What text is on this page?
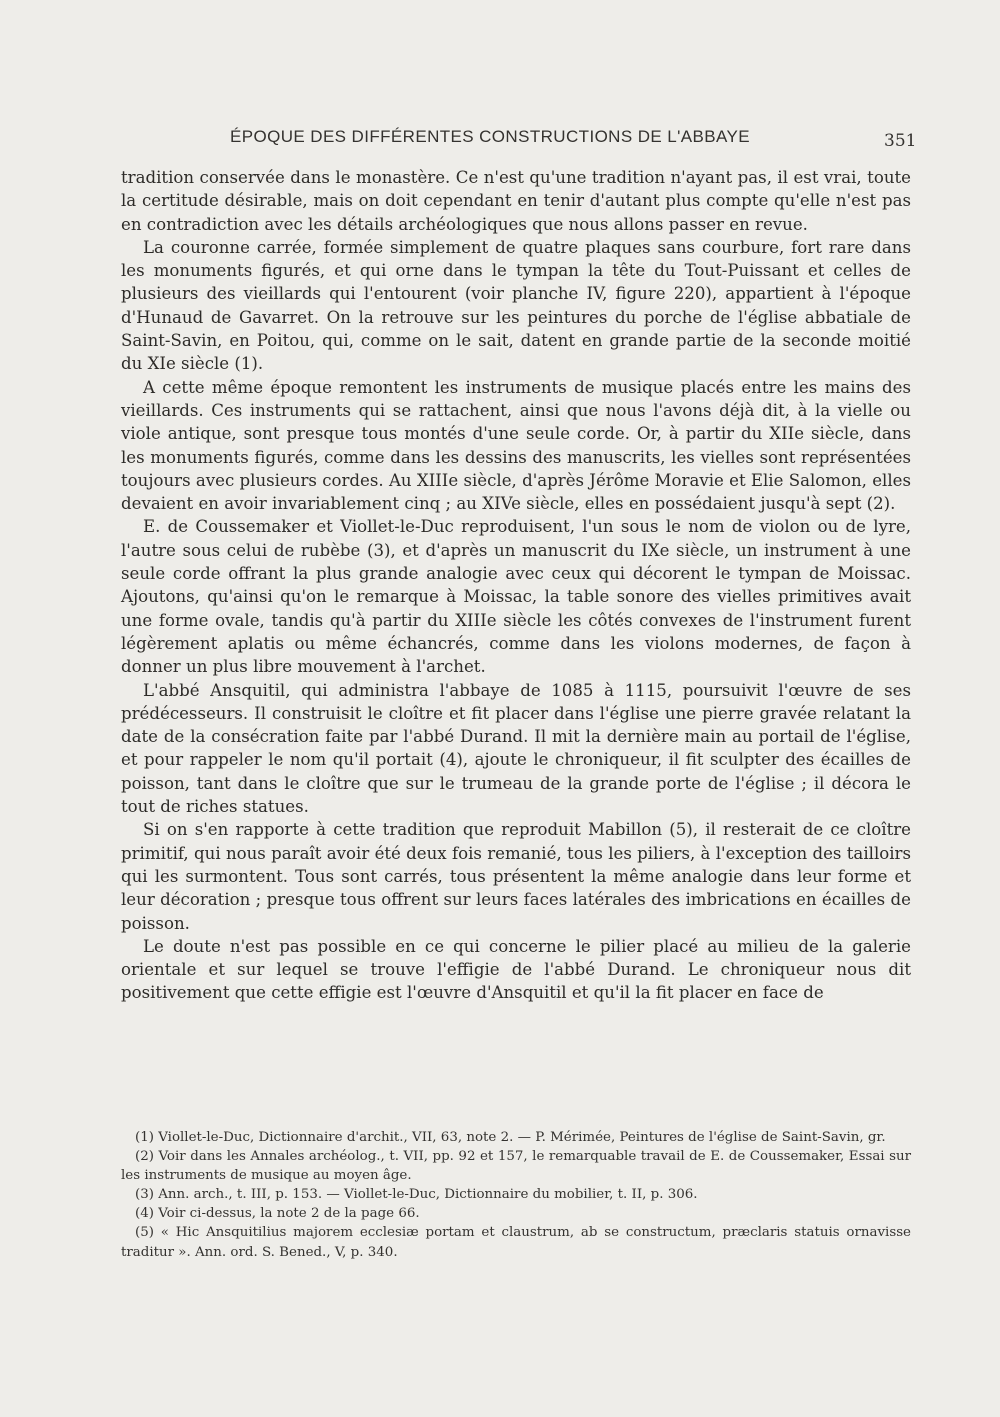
ÉPOQUE DES DIFFÉRENTES CONSTRUCTIONS DE L'ABBAYE	351

tradition conservée dans le monastère. Ce n'est qu'une tradition n'ayant pas, il est vrai, toute la certitude désirable, mais on doit cependant en tenir d'autant plus compte qu'elle n'est pas en contradiction avec les détails archéologiques que nous allons passer en revue.

La couronne carrée, formée simplement de quatre plaques sans courbure, fort rare dans les monuments figurés, et qui orne dans le tympan la tête du Tout-Puissant et celles de plusieurs des vieillards qui l'entourent (voir planche IV, figure 220), appartient à l'époque d'Hunaud de Gavarret. On la retrouve sur les peintures du porche de l'église abbatiale de Saint-Savin, en Poitou, qui, comme on le sait, datent en grande partie de la seconde moitié du XIe siècle (1).

A cette même époque remontent les instruments de musique placés entre les mains des vieillards. Ces instruments qui se rattachent, ainsi que nous l'avons déjà dit, à la vielle ou viole antique, sont presque tous montés d'une seule corde. Or, à partir du XIIe siècle, dans les monuments figurés, comme dans les dessins des manuscrits, les vielles sont représentées toujours avec plusieurs cordes. Au XIIIe siècle, d'après Jérôme Moravie et Elie Salomon, elles devaient en avoir invariablement cinq ; au XIVe siècle, elles en possédaient jusqu'à sept (2).

E. de Coussemaker et Viollet-le-Duc reproduisent, l'un sous le nom de violon ou de lyre, l'autre sous celui de rubèbe (3), et d'après un manuscrit du IXe siècle, un instrument à une seule corde offrant la plus grande analogie avec ceux qui décorent le tympan de Moissac. Ajoutons, qu'ainsi qu'on le remarque à Moissac, la table sonore des vielles primitives avait une forme ovale, tandis qu'à partir du XIIIe siècle les côtés convexes de l'instrument furent légèrement aplatis ou même échancrés, comme dans les violons modernes, de façon à donner un plus libre mouvement à l'archet.

L'abbé Ansquitil, qui administra l'abbaye de 1085 à 1115, poursuivit l'œuvre de ses prédécesseurs. Il construisit le cloître et fit placer dans l'église une pierre gravée relatant la date de la consécration faite par l'abbé Durand. Il mit la dernière main au portail de l'église, et pour rappeler le nom qu'il portait (4), ajoute le chroniqueur, il fit sculpter des écailles de poisson, tant dans le cloître que sur le trumeau de la grande porte de l'église ; il décora le tout de riches statues.

Si on s'en rapporte à cette tradition que reproduit Mabillon (5), il resterait de ce cloître primitif, qui nous paraît avoir été deux fois remanié, tous les piliers, à l'exception des tailloirs qui les surmontent. Tous sont carrés, tous présentent la même analogie dans leur forme et leur décoration ; presque tous offrent sur leurs faces latérales des imbrications en écailles de poisson.

Le doute n'est pas possible en ce qui concerne le pilier placé au milieu de la galerie orientale et sur lequel se trouve l'effigie de l'abbé Durand. Le chroniqueur nous dit positivement que cette effigie est l'œuvre d'Ansquitil et qu'il la fit placer en face de

(1) Viollet-le-Duc, Dictionnaire d'archit., VII, 63, note 2. — P. Mérimée, Peintures de l'église de Saint-Savin, gr.

(2) Voir dans les Annales archéolog., t. VII, pp. 92 et 157, le remarquable travail de E. de Coussemaker, Essai sur les instruments de musique au moyen âge.

(3) Ann. arch., t. III, p. 153. — Viollet-le-Duc, Dictionnaire du mobilier, t. II, p. 306.

(4) Voir ci-dessus, la note 2 de la page 66.

(5) « Hic Ansquitilius majorem ecclesiæ portam et claustrum, ab se constructum, præclaris statuis ornavisse traditur ». Ann. ord. S. Bened., V, p. 340.
